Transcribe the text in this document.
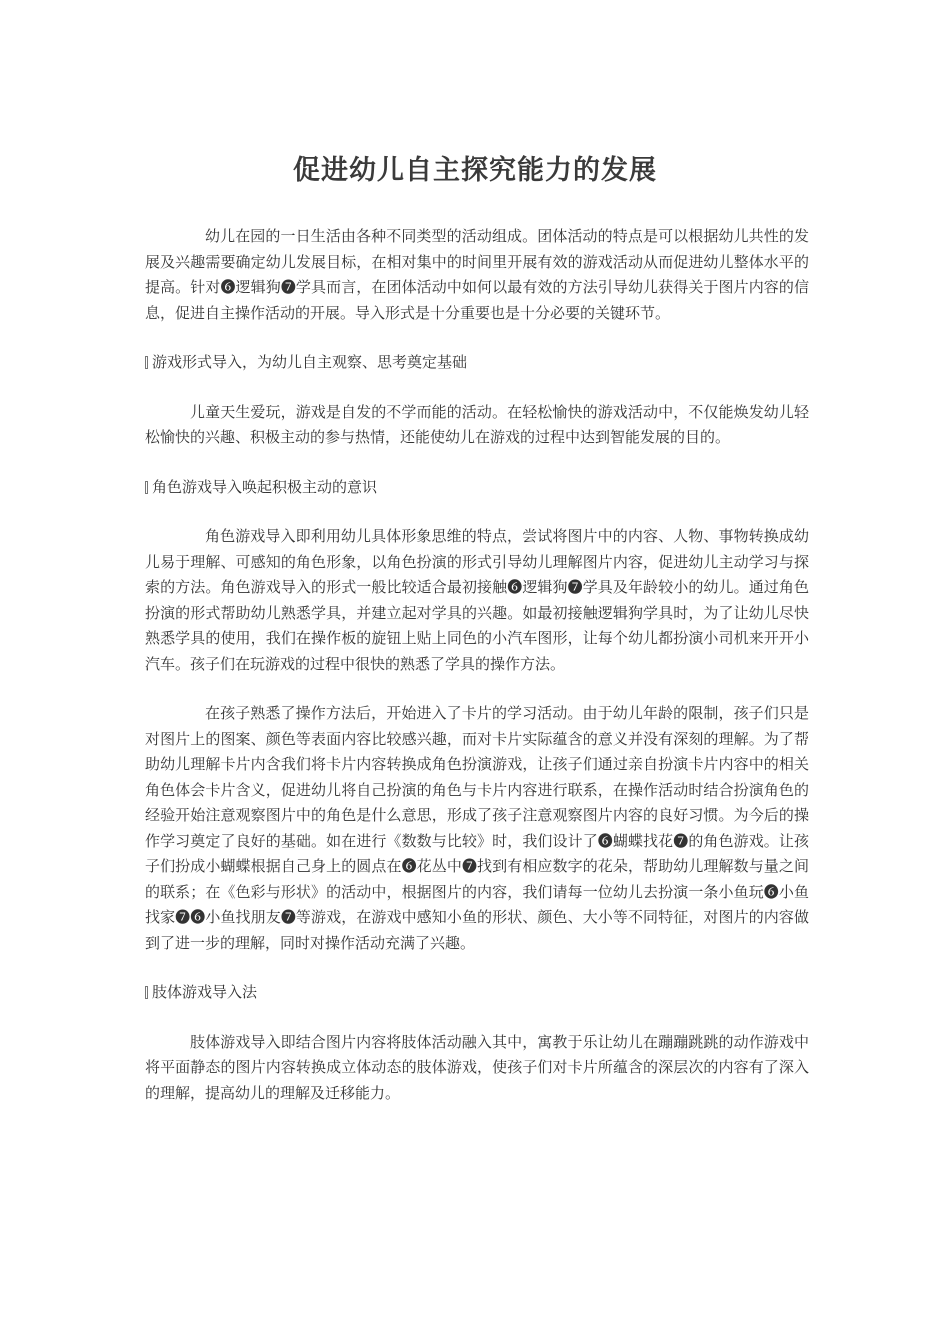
促进幼儿自主探究能力的发展

幼儿在园的一日生活由各种不同类型的活动组成。团体活动的特点是可以根据幼儿共性的发展及兴趣需要确定幼儿发展目标，在相对集中的时间里开展有效的游戏活动从而促进幼儿整体水平的提高。针对❻逻辑狗❼学具而言，在团体活动中如何以最有效的方法引导幼儿获得关于图片内容的信息，促进自主操作活动的开展。导入形式是十分重要也是十分必要的关键环节。

游戏形式导入，为幼儿自主观察、思考奠定基础

儿童天生爱玩，游戏是自发的不学而能的活动。在轻松愉快的游戏活动中，不仅能焕发幼儿轻松愉快的兴趣、积极主动的参与热情，还能使幼儿在游戏的过程中达到智能发展的目的。

角色游戏导入唤起积极主动的意识

角色游戏导入即利用幼儿具体形象思维的特点，尝试将图片中的内容、人物、事物转换成幼儿易于理解、可感知的角色形象，以角色扮演的形式引导幼儿理解图片内容，促进幼儿主动学习与探索的方法。角色游戏导入的形式一般比较适合最初接触❻逻辑狗❼学具及年龄较小的幼儿。通过角色扮演的形式帮助幼儿熟悉学具，并建立起对学具的兴趣。如最初接触逻辑狗学具时，为了让幼儿尽快熟悉学具的使用，我们在操作板的旋钮上贴上同色的小汽车图形，让每个幼儿都扮演小司机来开开小汽车。孩子们在玩游戏的过程中很快的熟悉了学具的操作方法。

在孩子熟悉了操作方法后，开始进入了卡片的学习活动。由于幼儿年龄的限制，孩子们只是对图片上的图案、颜色等表面内容比较感兴趣，而对卡片实际蕴含的意义并没有深刻的理解。为了帮助幼儿理解卡片内含我们将卡片内容转换成角色扮演游戏，让孩子们通过亲自扮演卡片内容中的相关角色体会卡片含义，促进幼儿将自己扮演的角色与卡片内容进行联系，在操作活动时结合扮演角色的经验开始注意观察图片中的角色是什么意思，形成了孩子注意观察图片内容的良好习惯。为今后的操作学习奠定了良好的基础。如在进行《数数与比较》时，我们设计了❻蝴蝶找花❼的角色游戏。让孩子们扮成小蝴蝶根据自己身上的圆点在❻花丛中❼找到有相应数字的花朵，帮助幼儿理解数与量之间的联系；在《色彩与形状》的活动中，根据图片的内容，我们请每一位幼儿去扮演一条小鱼玩❻小鱼找家❼❻小鱼找朋友❼等游戏，在游戏中感知小鱼的形状、颜色、大小等不同特征，对图片的内容做到了进一步的理解，同时对操作活动充满了兴趣。

肢体游戏导入法

肢体游戏导入即结合图片内容将肢体活动融入其中，寓教于乐让幼儿在蹦蹦跳跳的动作游戏中将平面静态的图片内容转换成立体动态的肢体游戏，使孩子们对卡片所蕴含的深层次的内容有了深入的理解，提高幼儿的理解及迁移能力。
